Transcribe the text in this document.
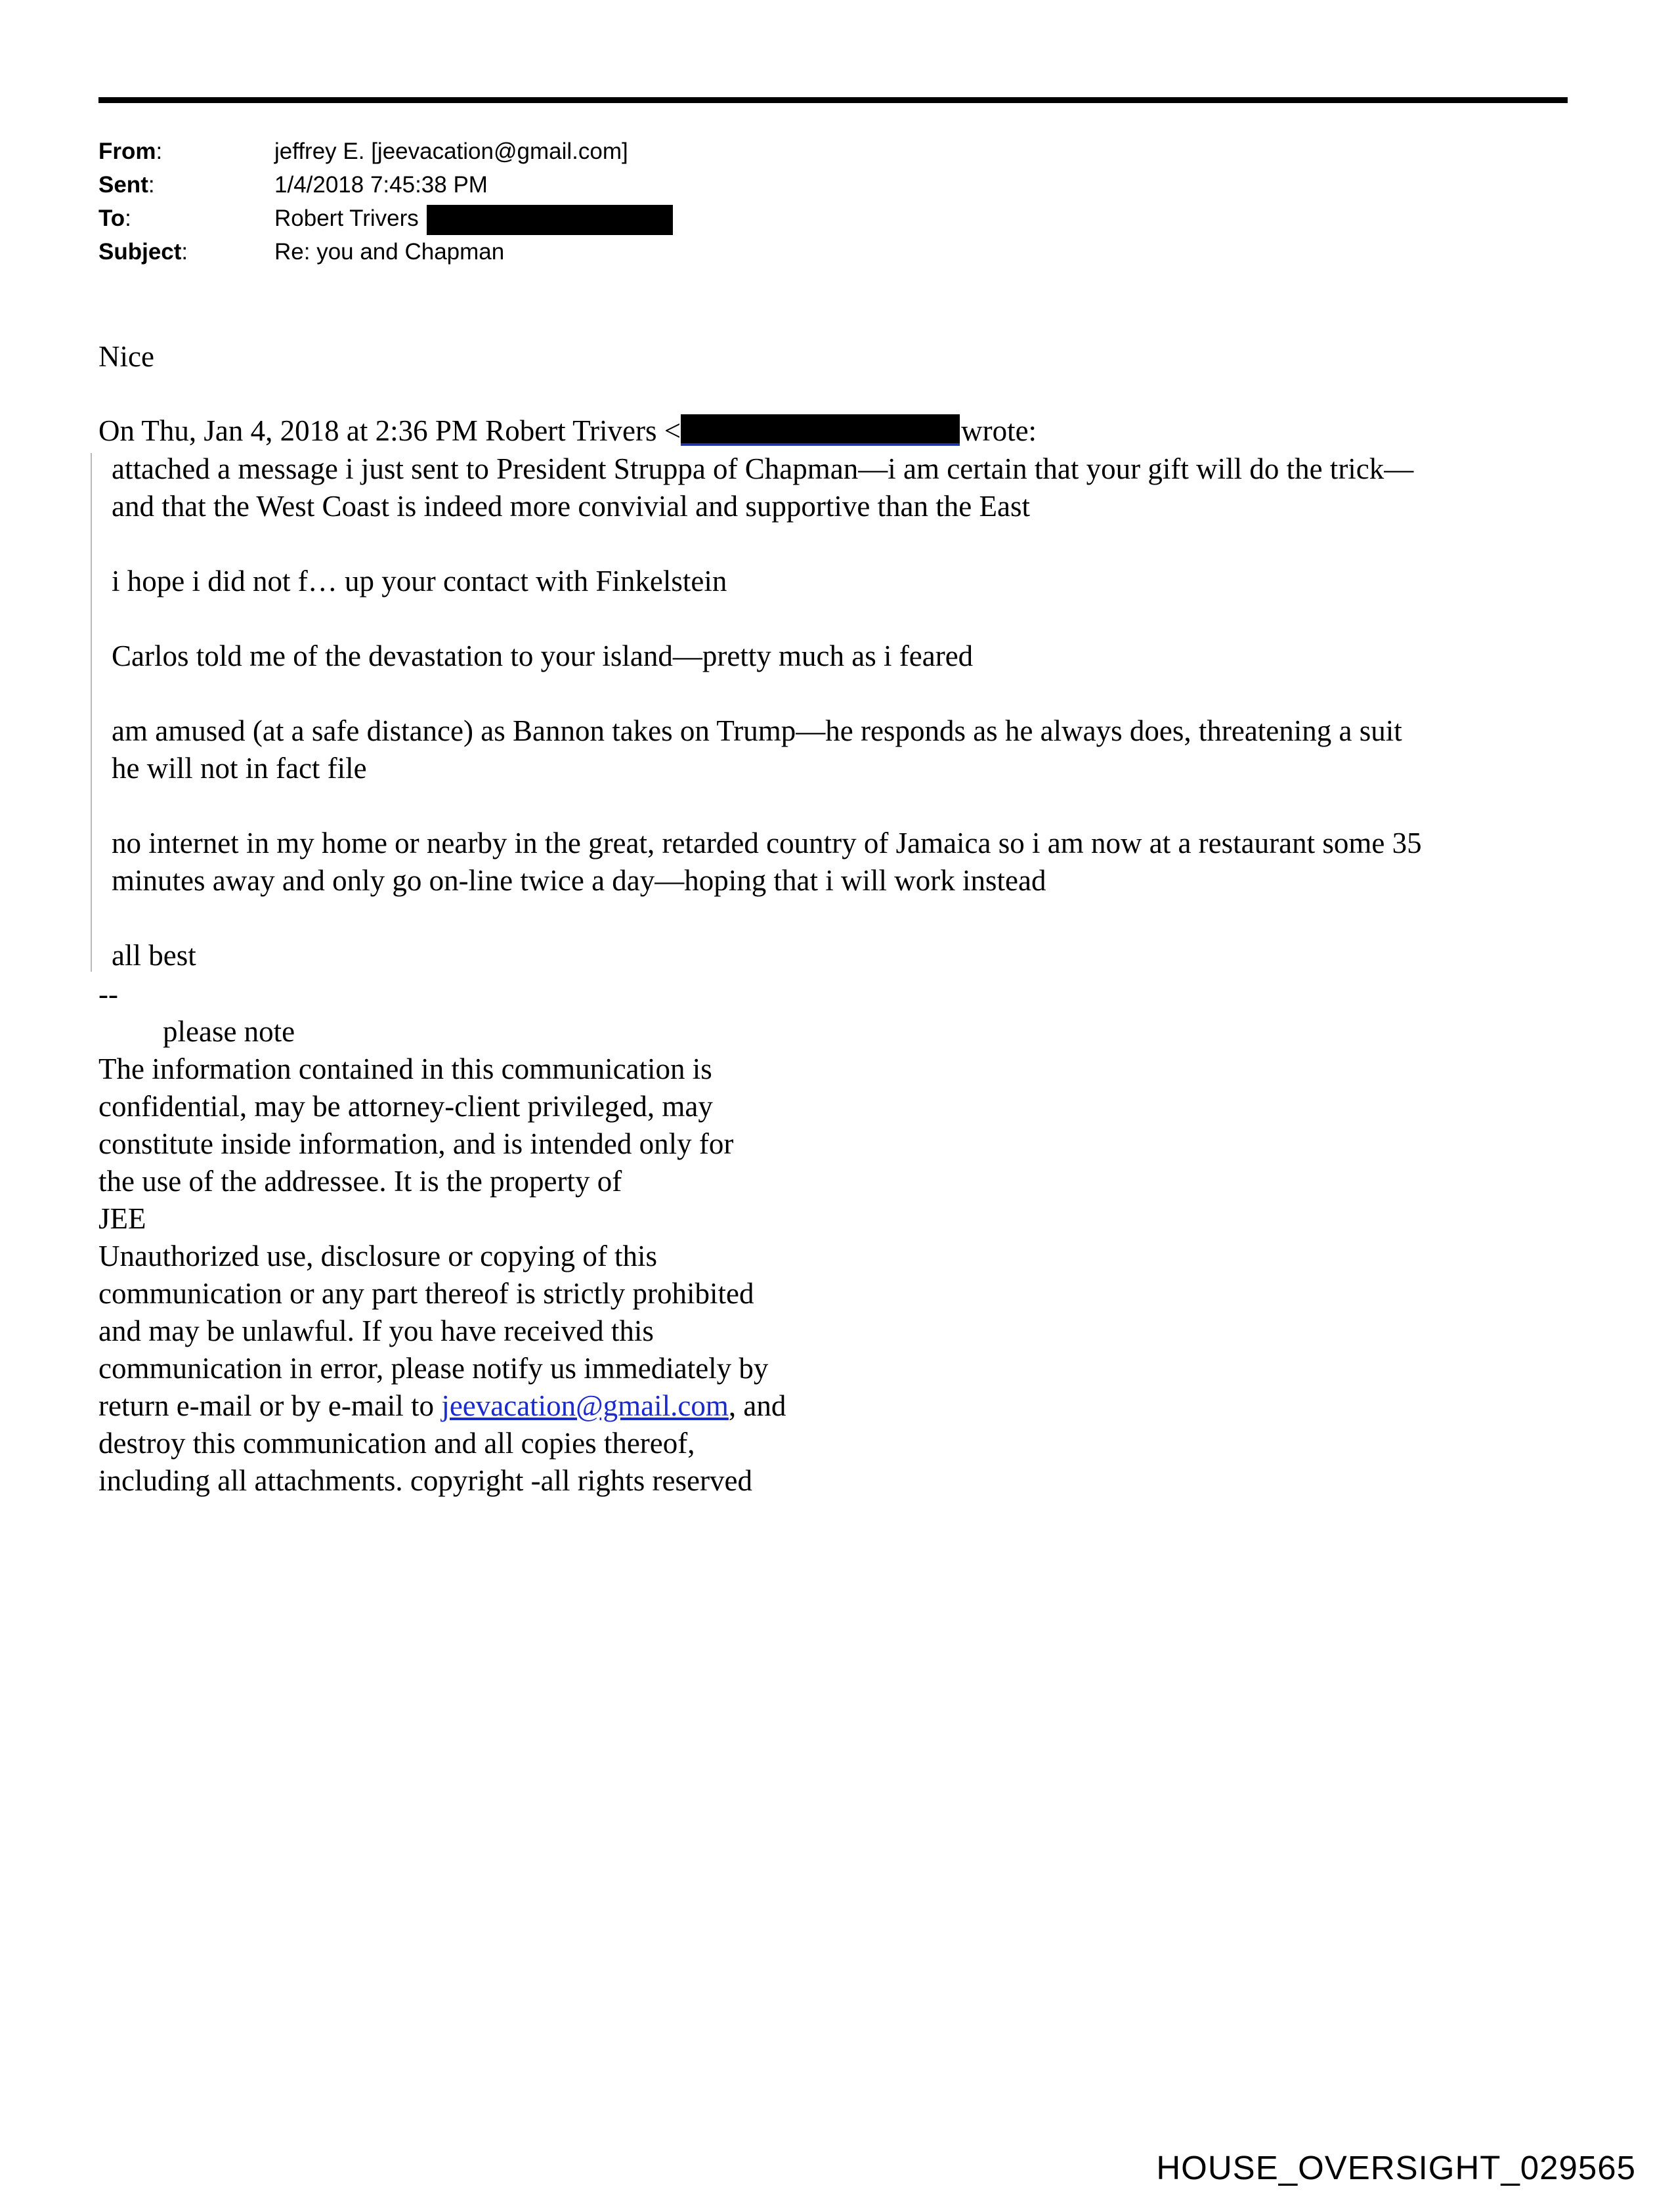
From:	jeffrey E. [jeevacation@gmail.com]
Sent:	1/4/2018 7:45:38 PM
To:	Robert Trivers
Subject:	Re: you and Chapman
Nice
On Thu, Jan 4, 2018 at 2:36 PM Robert Trivers <	wrote:

attached a message i just sent to President Struppa of Chapman—i am certain that your gift will do the trick—
and that the West Coast is indeed more convivial and supportive than the East

i hope i did not f… up your contact with Finkelstein

Carlos told me of the devastation to your island—pretty much as i feared

am amused (at a safe distance) as Bannon takes on Trump—he responds as he always does, threatening a suit
he will not in fact file

no internet in my home or nearby in the great, retarded country of Jamaica so i am now at a restaurant some 35
minutes away and only go on-line twice a day—hoping that i will work instead

all best

--
please note
The information contained in this communication is
confidential, may be attorney-client privileged, may
constitute inside information, and is intended only for
the use of the addressee. It is the property of
JEE
Unauthorized use, disclosure or copying of this
communication or any part thereof is strictly prohibited
and may be unlawful. If you have received this
communication in error, please notify us immediately by
return e-mail or by e-mail to jeevacation@gmail.com, and
destroy this communication and all copies thereof,
including all attachments. copyright -all rights reserved
HOUSE_OVERSIGHT_029565
